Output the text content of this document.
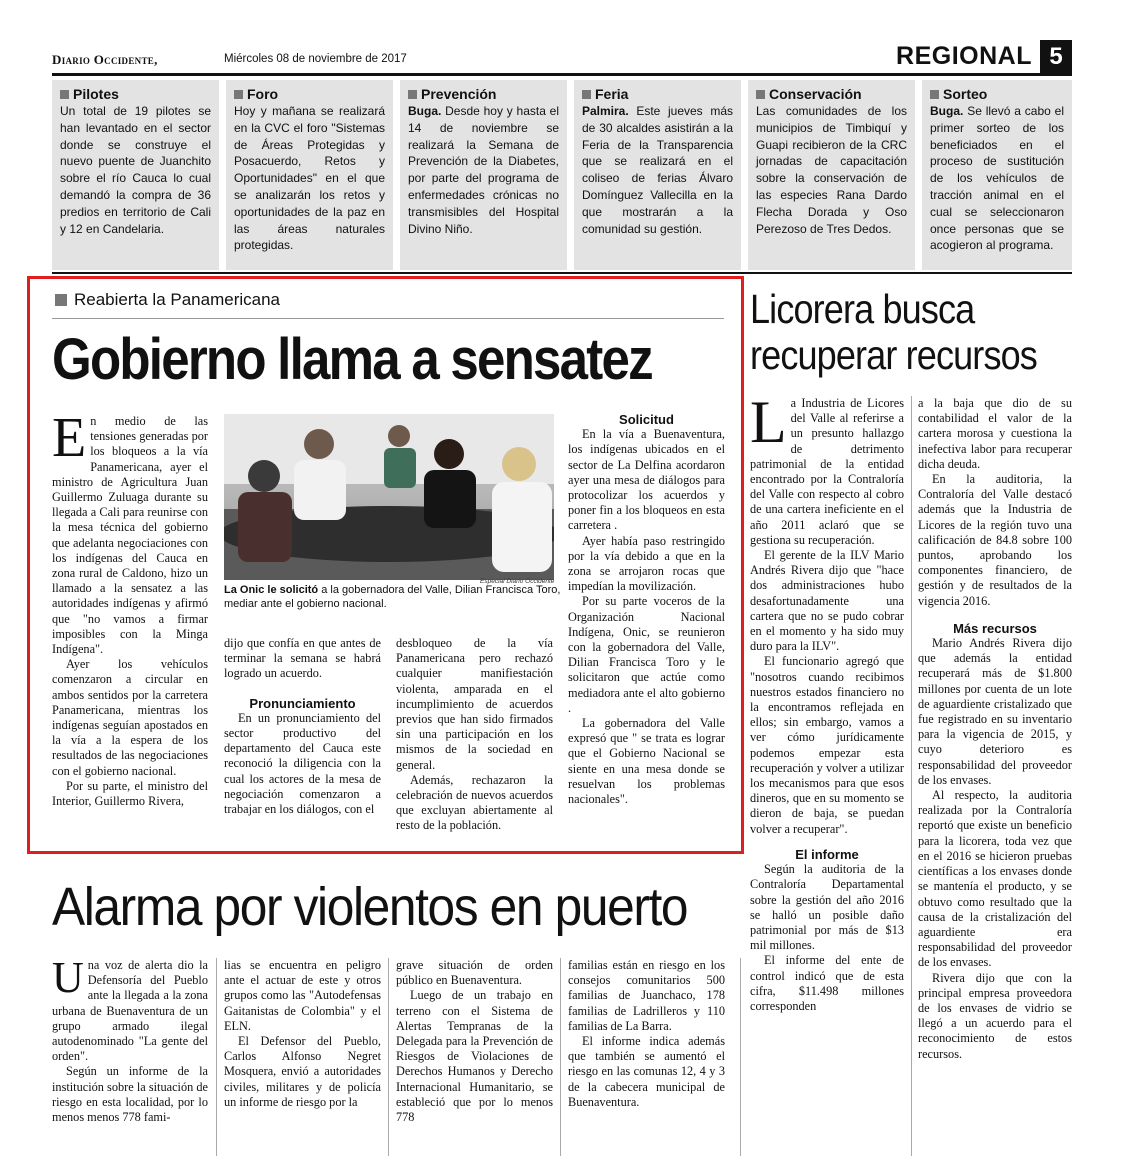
Diario Occidente,	Miércoles 08 de noviembre de 2017	REGIONAL 5
Pilotes
Un total de 19 pilotes se han levantado en el sector donde se construye el nuevo puente de Juanchito sobre el río Cauca lo cual demandó la compra de 36 predios en territorio de Cali y 12 en Candelaria.
Foro
Hoy y mañana se realizará en la CVC el foro "Sistemas de Áreas Protegidas y Posacuerdo, Retos y Oportunidades" en el que se analizarán los retos y oportunidades de la paz en las áreas naturales protegidas.
Prevención
Buga. Desde hoy y hasta el 14 de noviembre se realizará la Semana de Prevención de la Diabetes, por parte del programa de enfermedades crónicas no transmisibles del Hospital Divino Niño.
Feria
Palmira. Este jueves más de 30 alcaldes asistirán a la Feria de la Transparencia que se realizará en el coliseo de ferias Álvaro Domínguez Vallecilla en la que mostrarán a la comunidad su gestión.
Conservación
Las comunidades de los municipios de Timbiquí y Guapi recibieron de la CRC jornadas de capacitación sobre la conservación de las especies Rana Dardo Flecha Dorada y Oso Perezoso de Tres Dedos.
Sorteo
Buga. Se llevó a cabo el primer sorteo de los beneficiados en el proceso de sustitución de los vehículos de tracción animal en el cual se seleccionaron once personas que se acogieron al programa.
Reabierta la Panamericana
Gobierno llama a sensatez
E n medio de las tensiones generadas por los bloqueos a la vía Panamericana, ayer el ministro de Agricultura Juan Guillermo Zuluaga durante su llegada a Cali para reunirse con la mesa técnica del gobierno que adelanta negociaciones con los indígenas del Cauca en zona rural de Caldono, hizo un llamado a la sensatez a las autoridades indígenas y afirmó que "no vamos a firmar imposibles con la Minga Indígena".

Ayer los vehículos comenzaron a circular en ambos sentidos por la carretera Panamericana, mientras los indígenas seguían apostados en la vía a la espera de los resultados de las negociaciones con el gobierno nacional.

Por su parte, el ministro del Interior, Guillermo Rivera,

Especial Diario Occidente
La Onic le solicitó a la gobernadora del Valle, Dilian Francisca Toro, mediar ante el gobierno nacional.

dijo que confía en que antes de terminar la semana se habrá logrado un acuerdo.

Pronunciamiento

En un pronunciamiento del sector productivo del departamento del Cauca este reconoció la diligencia con la cual los actores de la mesa de negociación comenzaron a trabajar en los diálogos, con el

desbloqueo de la vía Panamericana pero rechazó cualquier manifiestación violenta, amparada en el incumplimiento de acuerdos previos que han sido firmados sin una participación en los mismos de la sociedad en general.

Además, rechazaron la celebración de nuevos acuerdos que excluyan abiertamente al resto de la población.

Solicitud

En la vía a Buenaventura, los indígenas ubicados en el sector de La Delfina acordaron ayer una mesa de diálogos para protocolizar los acuerdos y poner fin a los bloqueos en esta carretera .

Ayer había paso restringido por la vía debido a que en la zona se arrojaron rocas que impedían la movilización.

Por su parte voceros de la Organización Nacional Indígena, Onic, se reunieron con la gobernadora del Valle, Dilian Francisca Toro y le solicitaron que actúe como mediadora ante el alto gobierno .

La gobernadora del Valle expresó que " se trata es lograr que el Gobierno Nacional se siente en una mesa donde se resuelvan los problemas nacionales".

Licorera busca
recuperar recursos
L a Industria de Licores del Valle al referirse a un presunto hallazgo de detrimento patrimonial de la entidad encontrado por la Contraloría del Valle con respecto al cobro de una cartera ineficiente en el año 2011 aclaró que se gestiona su recuperación.

El gerente de la ILV Mario Andrés Rivera dijo que "hace dos administraciones hubo desafortunadamente una cartera que no se pudo cobrar en el momento y ha sido muy duro para la ILV".

El funcionario agregó que "nosotros cuando recibimos nuestros estados financiero no la encontramos reflejada en ellos; sin embargo, vamos a ver cómo jurídicamente podemos empezar esta recuperación y volver a utilizar los mecanismos para que esos dineros, que en su momento se dieron de baja, se puedan volver a recuperar".

El informe

Según la auditoria de la Contraloría Departamental sobre la gestión del año 2016 se halló un posible daño patrimonial por más de $13 mil millones.

El informe del ente de control indicó que de esta cifra, $11.498 millones corresponden

a la baja que dio de su contabilidad el valor de la cartera morosa y cuestiona la inefectiva labor para recuperar dicha deuda.

En la auditoria, la Contraloría del Valle destacó además que la Industria de Licores de la región tuvo una calificación de 84.8 sobre 100 puntos, aprobando los componentes financiero, de gestión y de resultados de la vigencia 2016.

Más recursos

Mario Andrés Rivera dijo que además la entidad recuperará más de $1.800 millones por cuenta de un lote de aguardiente cristalizado que fue registrado en su inventario para la vigencia de 2015, y cuyo deterioro es responsabilidad del proveedor de los envases.

Al respecto, la auditoria realizada por la Contraloría reportó que existe un beneficio para la licorera, toda vez que en el 2016 se hicieron pruebas científicas a los envases donde se mantenía el producto, y se obtuvo como resultado que la causa de la cristalización del aguardiente era responsabilidad del proveedor de los envases.

Rivera dijo que con la principal empresa proveedora de los envases de vidrio se llegó a un acuerdo para el reconocimiento de estos recursos.

Alarma por violentos en puerto
U na voz de alerta dio la Defensoría del Pueblo ante la llegada a la zona urbana de Buenaventura de un grupo armado ilegal autodenominado "La gente del orden".

Según un informe de la institución sobre la situación de riesgo en esta localidad, por lo menos menos 778 fami-

lias se encuentra en peligro ante el actuar de este y otros grupos como las "Autodefensas Gaitanistas de Colombia" y el ELN.

El Defensor del Pueblo, Carlos Alfonso Negret Mosquera, envió a autoridades civiles, militares y de policía un informe de riesgo por la

grave situación de orden público en Buenaventura.

Luego de un trabajo en terreno con el Sistema de Alertas Tempranas de la Delegada para la Prevención de Riesgos de Violaciones de Derechos Humanos y Derecho Internacional Humanitario, se estableció que por lo menos 778

familias están en riesgo en los consejos comunitarios 500 familias de Juanchaco, 178 familias de Ladrilleros y 110 familias de La Barra.

El informe indica además que también se aumentó el riesgo en las comunas 12, 4 y 3 de la cabecera municipal de Buenaventura.
